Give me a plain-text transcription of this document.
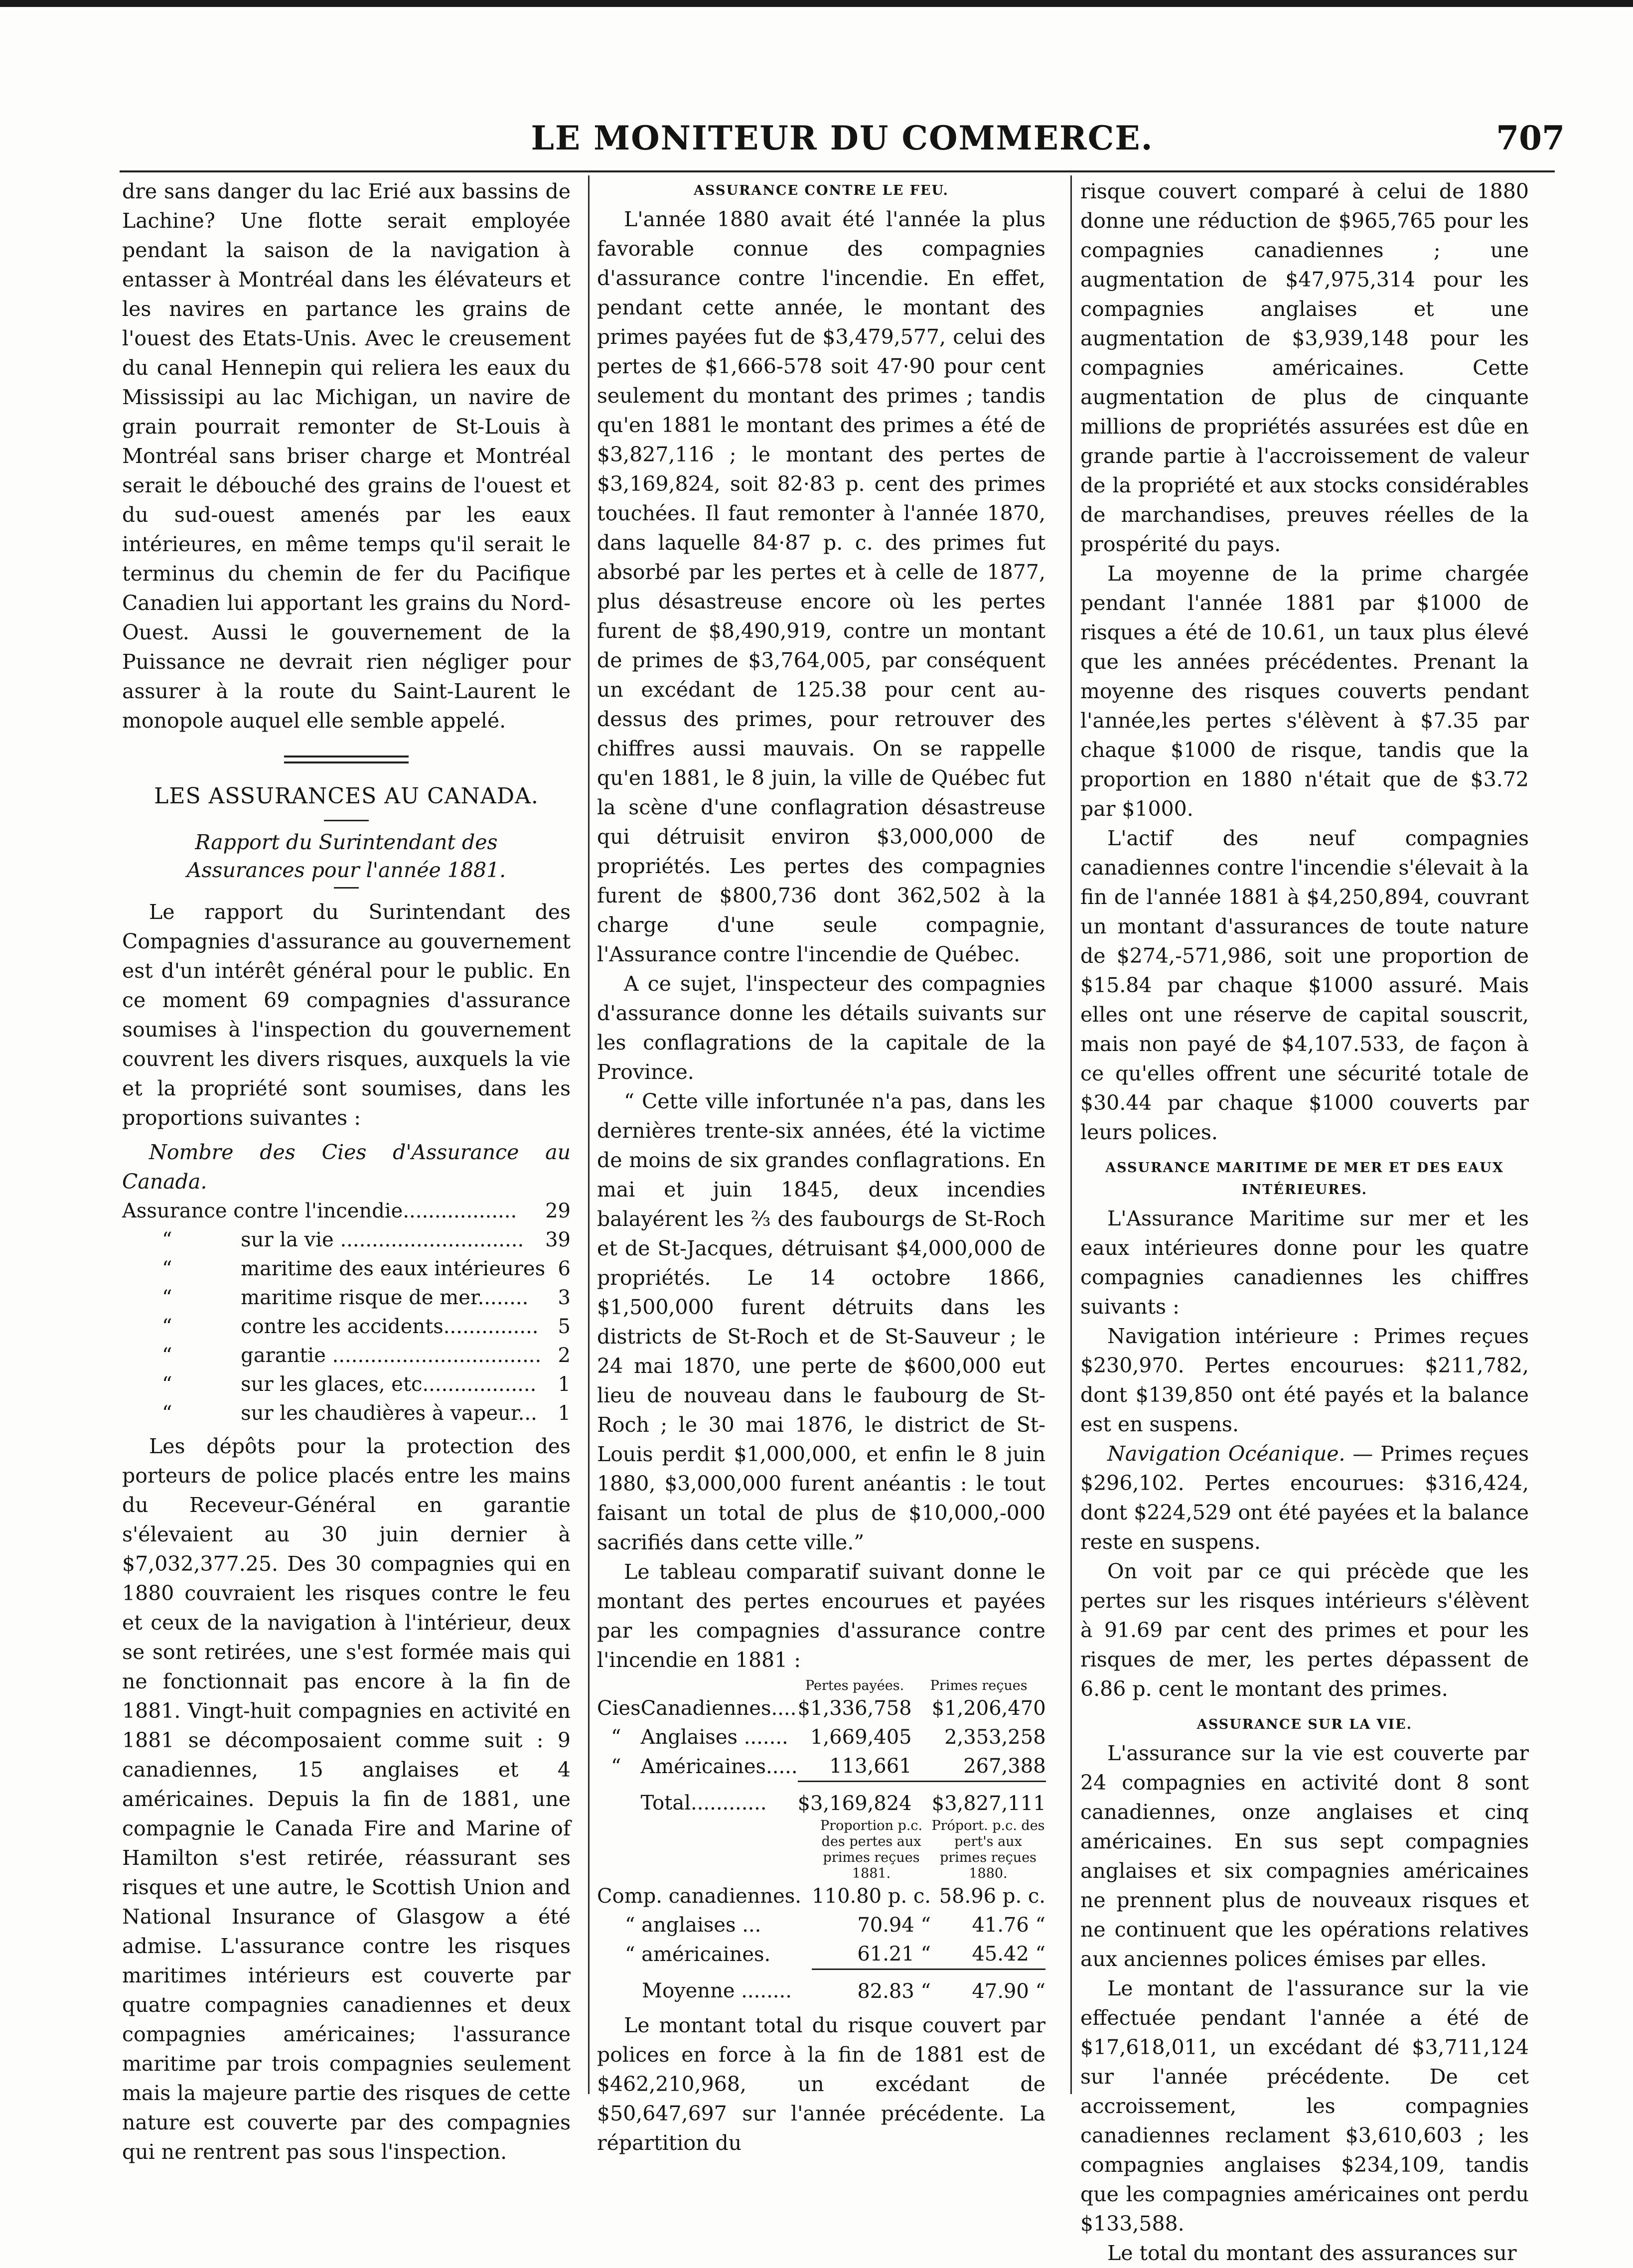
LE MONITEUR DU COMMERCE.	707

dre sans danger du lac Erié aux bassins de Lachine? Une flotte serait employée pendant la saison de la navigation à entasser à Montréal dans les élévateurs et les navires en partance les grains de l'ouest des Etats-Unis. Avec le creusement du canal Hennepin qui reliera les eaux du Mississipi au lac Michigan, un navire de grain pourrait remonter de St-Louis à Montréal sans briser charge et Montréal serait le débouché des grains de l'ouest et du sud-ouest amenés par les eaux intérieures, en même temps qu'il serait le terminus du chemin de fer du Pacifique Canadien lui apportant les grains du Nord-Ouest. Aussi le gouvernement de la Puissance ne devrait rien négliger pour assurer à la route du Saint-Laurent le monopole auquel elle semble appelé.

LES ASSURANCES AU CANADA.
Rapport du Surintendant des Assurances pour l'année 1881.

Le rapport du Surintendant des Compagnies d'assurance au gouvernement est d'un intérêt général pour le public. En ce moment 69 compagnies d'assurance soumises à l'inspection du gouvernement couvrent les divers risques, auxquels la vie et la propriété sont soumises, dans les proportions suivantes :

Nombre des Cies d'Assurance au Canada.

Assurance contre l'incendie..................		29
“	sur la vie .............................	39
“	maritime des eaux intérieures	6
“	maritime risque de mer........	3
“	contre les accidents...............	5
“	garantie .................................	2
“	sur les glaces, etc..................	1
“	sur les chaudières à vapeur...	1

Les dépôts pour la protection des porteurs de police placés entre les mains du Receveur-Général en garantie s'élevaient au 30 juin dernier à $7,032,377.25. Des 30 compagnies qui en 1880 couvraient les risques contre le feu et ceux de la navigation à l'intérieur, deux se sont retirées, une s'est formée mais qui ne fonctionnait pas encore à la fin de 1881. Vingt-huit compagnies en activité en 1881 se décomposaient comme suit : 9 canadiennes, 15 anglaises et 4 américaines. Depuis la fin de 1881, une compagnie le Canada Fire and Marine of Hamilton s'est retirée, réassurant ses risques et une autre, le Scottish Union and National Insurance of Glasgow a été admise. L'assurance contre les risques maritimes intérieurs est couverte par quatre compagnies canadiennes et deux compagnies américaines; l'assurance maritime par trois compagnies seulement mais la majeure partie des risques de cette nature est couverte par des compagnies qui ne rentrent pas sous l'inspection.

ASSURANCE CONTRE LE FEU.

L'année 1880 avait été l'année la plus favorable connue des compagnies d'assurance contre l'incendie. En effet, pendant cette année, le montant des primes payées fut de $3,479,577, celui des pertes de $1,666-578 soit 47·90 pour cent seulement du montant des primes ; tandis qu'en 1881 le montant des primes a été de $3,827,116 ; le montant des pertes de $3,169,824, soit 82·83 p. cent des primes touchées. Il faut remonter à l'année 1870, dans laquelle 84·87 p. c. des primes fut absorbé par les pertes et à celle de 1877, plus désastreuse encore où les pertes furent de $8,490,919, contre un montant de primes de $3,764,005, par conséquent un excédant de 125.38 pour cent au-dessus des primes, pour retrouver des chiffres aussi mauvais. On se rappelle qu'en 1881, le 8 juin, la ville de Québec fut la scène d'une conflagration désastreuse qui détruisit environ $3,000,000 de propriétés. Les pertes des compagnies furent de $800,736 dont 362,502 à la charge d'une seule compagnie, l'Assurance contre l'incendie de Québec.

A ce sujet, l'inspecteur des compagnies d'assurance donne les détails suivants sur les conflagrations de la capitale de la Province.

“ Cette ville infortunée n'a pas, dans les dernières trente-six années, été la victime de moins de six grandes conflagrations. En mai et juin 1845, deux incendies balayérent les ⅔ des faubourgs de St-Roch et de St-Jacques, détruisant $4,000,000 de propriétés. Le 14 octobre 1866, $1,500,000 furent détruits dans les districts de St-Roch et de St-Sauveur ; le 24 mai 1870, une perte de $600,000 eut lieu de nouveau dans le faubourg de St-Roch ; le 30 mai 1876, le district de St-Louis perdit $1,000,000, et enfin le 8 juin 1880, $3,000,000 furent anéantis : le tout faisant un total de plus de $10,000,-000 sacrifiés dans cette ville.”

Le tableau comparatif suivant donne le montant des pertes encourues et payées par les compagnies d'assurance contre l'incendie en 1881 :

		Pertes payées.	Primes reçues
Cies	Canadiennes....	$1,336,758	$1,206,470
“	Anglaises .......	1,669,405	2,353,258
“	Américaines.....	113,661	267,388
	Total............	$3,169,824	$3,827,111
	Proportion p.c. des pertes aux primes reçues 1881.	Próport. p.c. des pert's aux primes reçues 1880.
Comp. canadiennes.	110.80 p. c.	58.96 p. c.
“ anglaises ...	70.94 “	41.76 “
“ américaines.	61.21 “	45.42 “
Moyenne ........	82.83 “	47.90 “

Le montant total du risque couvert par polices en force à la fin de 1881 est de $462,210,968, un excédant de $50,647,697 sur l'année précédente. La répartition du

risque couvert comparé à celui de 1880 donne une réduction de $965,765 pour les compagnies canadiennes ; une augmentation de $47,975,314 pour les compagnies anglaises et une augmentation de $3,939,148 pour les compagnies américaines. Cette augmentation de plus de cinquante millions de propriétés assurées est dûe en grande partie à l'accroissement de valeur de la propriété et aux stocks considérables de marchandises, preuves réelles de la prospérité du pays.

La moyenne de la prime chargée pendant l'année 1881 par $1000 de risques a été de 10.61, un taux plus élevé que les années précédentes. Prenant la moyenne des risques couverts pendant l'année,les pertes s'élèvent à $7.35 par chaque $1000 de risque, tandis que la proportion en 1880 n'était que de $3.72 par $1000.

L'actif des neuf compagnies canadiennes contre l'incendie s'élevait à la fin de l'année 1881 à $4,250,894, couvrant un montant d'assurances de toute nature de $274,-571,986, soit une proportion de $15.84 par chaque $1000 assuré. Mais elles ont une réserve de capital souscrit, mais non payé de $4,107.533, de façon à ce qu'elles offrent une sécurité totale de $30.44 par chaque $1000 couverts par leurs polices.

ASSURANCE MARITIME DE MER ET DES EAUX INTÉRIEURES.

L'Assurance Maritime sur mer et les eaux intérieures donne pour les quatre compagnies canadiennes les chiffres suivants :

Navigation intérieure : Primes reçues $230,970. Pertes encourues: $211,782, dont $139,850 ont été payés et la balance est en suspens.

Navigation Océanique. — Primes reçues $296,102. Pertes encourues: $316,424, dont $224,529 ont été payées et la balance reste en suspens.

On voit par ce qui précède que les pertes sur les risques intérieurs s'élèvent à 91.69 par cent des primes et pour les risques de mer, les pertes dépassent de 6.86 p. cent le montant des primes.

ASSURANCE SUR LA VIE.

L'assurance sur la vie est couverte par 24 compagnies en activité dont 8 sont canadiennes, onze anglaises et cinq américaines. En sus sept compagnies anglaises et six compagnies américaines ne prennent plus de nouveaux risques et ne continuent que les opérations relatives aux anciennes polices émises par elles.

Le montant de l'assurance sur la vie effectuée pendant l'année a été de $17,618,011, un excédant dé $3,711,124 sur l'année précédente. De cet accroissement, les compagnies canadiennes reclament $3,610,603 ; les compagnies anglaises $234,109, tandis que les compagnies américaines ont perdu $133,588.

Le total du montant des assurances sur
